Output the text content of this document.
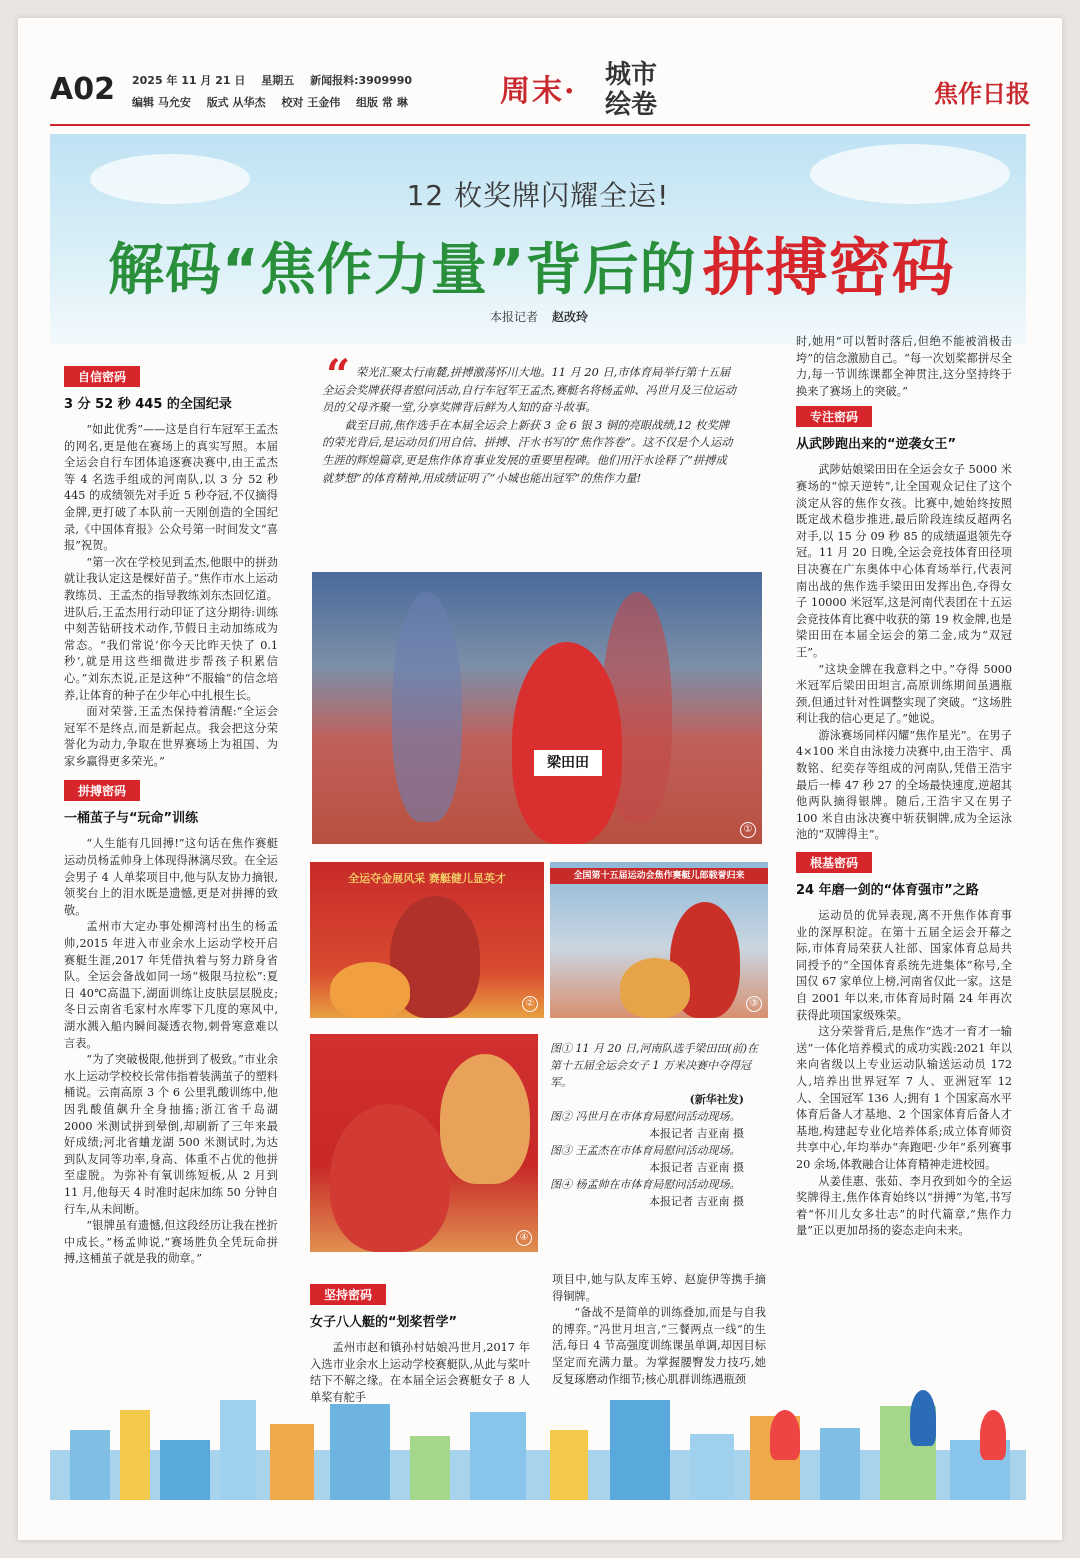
A02 2025 年 11 月 21 日 星期五 新闻报料:3909990
编辑 马允安 版式 从华杰 校对 王金伟 组版 常 琳	周末·	城市绘卷	焦作日报
12 枚奖牌闪耀全运!
解码“焦作力量”背后的拼搏密码
本报记者 赵改玲
自信密码
3 分 52 秒 445 的全国纪录

“如此优秀”——这是自行车冠军王孟杰的网名,更是他在赛场上的真实写照。本届全运会自行车团体追逐赛决赛中,由王孟杰等 4 名选手组成的河南队,以 3 分 52 秒 445 的成绩领先对手近 5 秒夺冠,不仅摘得金牌,更打破了本队前一天刚创造的全国纪录,《中国体育报》公众号第一时间发文“喜报”祝贺。

“第一次在学校见到孟杰,他眼中的拼劲就让我认定这是棵好苗子。”焦作市水上运动教练员、王孟杰的指导教练刘东杰回忆道。进队后,王孟杰用行动印证了这分期待:训练中刻苦钻研技术动作,节假日主动加练成为常态。“我们常说‘你今天比昨天快了 0.1 秒’,就是用这些细微进步帮孩子积累信心。”刘东杰说,正是这种“不服输”的信念培养,让体育的种子在少年心中扎根生长。

面对荣誉,王孟杰保持着清醒:“全运会冠军不是终点,而是新起点。我会把这分荣誉化为动力,争取在世界赛场上为祖国、为家乡赢得更多荣光。”

拼搏密码
一桶茧子与“玩命”训练

“人生能有几回搏!”这句话在焦作赛艇运动员杨孟帅身上体现得淋漓尽致。在全运会男子 4 人单桨项目中,他与队友协力摘银,领奖台上的泪水既是遗憾,更是对拼搏的致敬。

孟州市大定办事处柳湾村出生的杨孟帅,2015 年进入市业余水上运动学校开启赛艇生涯,2017 年凭借执着与努力跻身省队。全运会备战如同一场“极限马拉松”:夏日 40℃高温下,湖面训练让皮肤层层脱皮;冬日云南省毛家村水库零下几度的寒风中,湖水溅入船内瞬间凝透衣物,刺骨寒意难以言表。

“为了突破极限,他拼到了极致。”市业余水上运动学校校长常伟指着装满茧子的塑料桶说。云南高原 3 个 6 公里乳酸训练中,他因乳酸值飙升全身抽搐;浙江省千岛湖 2000 米测试拼到晕倒,却刷新了三年来最好成绩;河北省蛐龙湖 500 米测试时,为达到队友同等功率,身高、体重不占优的他拼至虚脱。为弥补有氧训练短板,从 2 月到 11 月,他每天 4 时准时起床加练 50 分钟自行车,从未间断。

“银牌虽有遗憾,但这段经历让我在挫折中成长。”杨孟帅说,“赛场胜负全凭玩命拼搏,这桶茧子就是我的勋章。”

“ 荣光汇聚太行南麓,拼搏激荡怀川大地。11 月 20 日,市体育局举行第十五届全运会奖牌获得者慰问活动,自行车冠军王孟杰,赛艇名将杨孟帅、冯世月及三位运动员的父母齐聚一堂,分享奖牌背后鲜为人知的奋斗故事。

截至目前,焦作选手在本届全运会上新获 3 金 6 银 3 铜的亮眼战绩,12 枚奖牌的荣光背后,是运动员们用自信、拼搏、汗水书写的“焦作答卷”。这不仅是个人运动生涯的辉煌篇章,更是焦作体育事业发展的重要里程碑。他们用汗水诠释了“拼搏成就梦想”的体育精神,用成绩证明了“小城也能出冠军”的焦作力量!

梁田田
①
全运夺金展风采 赛艇健儿显英才
②
全国第十五届运动会焦作赛艇儿郎载誉归来
③
④
图① 11 月 20 日,河南队选手梁田田(前)在第十五届全运会女子 1 万米决赛中夺得冠军。
(新华社发)
图② 冯世月在市体育局慰问活动现场。
本报记者 吉亚南 摄
图③ 王孟杰在市体育局慰问活动现场。
本报记者 吉亚南 摄
图④ 杨孟帅在市体育局慰问活动现场。
本报记者 吉亚南 摄
坚持密码
女子八人艇的“划桨哲学”

孟州市赵和镇孙村姑娘冯世月,2017 年入选市业余水上运动学校赛艇队,从此与桨叶结下不解之缘。在本届全运会赛艇女子 8 人单桨有舵手

项目中,她与队友库玉婷、赵旋伊等携手摘得铜牌。

“备战不是简单的训练叠加,而是与自我的博弈。”冯世月坦言,“三餐两点一线”的生活,每日 4 节高强度训练课虽单调,却因目标坚定而充满力量。为掌握腰臀发力技巧,她反复琢磨动作细节;核心肌群训练遇瓶颈

时,她用“可以暂时落后,但绝不能被消极击垮”的信念激励自己。“每一次划桨都拼尽全力,每一节训练课都全神贯注,这分坚持终于换来了赛场上的突破。”

专注密码
从武陟跑出来的“逆袭女王”

武陟姑娘梁田田在全运会女子 5000 米赛场的“惊天逆转”,让全国观众记住了这个淡定从容的焦作女孩。比赛中,她始终按照既定战术稳步推进,最后阶段连续反超两名对手,以 15 分 09 秒 85 的成绩逼退领先夺冠。11 月 20 日晚,全运会竞技体育田径项目决赛在广东奥体中心体育场举行,代表河南出战的焦作选手梁田田发挥出色,夺得女子 10000 米冠军,这是河南代表团在十五运会竞技体育比赛中收获的第 19 枚金牌,也是梁田田在本届全运会的第二金,成为“双冠王”。

“这块金牌在我意料之中。”夺得 5000 米冠军后梁田田坦言,高原训练期间虽遇瓶颈,但通过针对性调整实现了突破。“这场胜利让我的信心更足了。”她说。

游泳赛场同样闪耀“焦作星光”。在男子 4×100 米自由泳接力决赛中,由王浩宇、禹数铭、纪奕存等组成的河南队,凭借王浩宇最后一棒 47 秒 27 的全场最快速度,逆超其他两队摘得银牌。随后,王浩宇又在男子 100 米自由泳决赛中斩获铜牌,成为全运泳池的“双牌得主”。

根基密码
24 年磨一剑的“体育强市”之路

运动员的优异表现,离不开焦作体育事业的深厚积淀。在第十五届全运会开幕之际,市体育局荣获人社部、国家体育总局共同授予的“全国体育系统先进集体”称号,全国仅 67 家单位上榜,河南省仅此一家。这是自 2001 年以来,市体育局时隔 24 年再次获得此项国家级殊荣。

这分荣誉背后,是焦作“选才一育才一输送”一体化培养模式的成功实践:2021 年以来向省级以上专业运动队输送运动员 172 人,培养出世界冠军 7 人、亚洲冠军 12 人、全国冠军 136 人;拥有 1 个国家高水平体育后备人才基地、2 个国家体育后备人才基地,构建起专业化培养体系;成立体育师资共享中心,年均举办“奔跑吧·少年”系列赛事 20 余场,体教融合让体育精神走进校园。

从姜佳惠、张茹、李月孜到如今的全运奖牌得主,焦作体育始终以“拼搏”为笔,书写着“怀川儿女多壮志”的时代篇章,“焦作力量”正以更加昂扬的姿态走向未来。
